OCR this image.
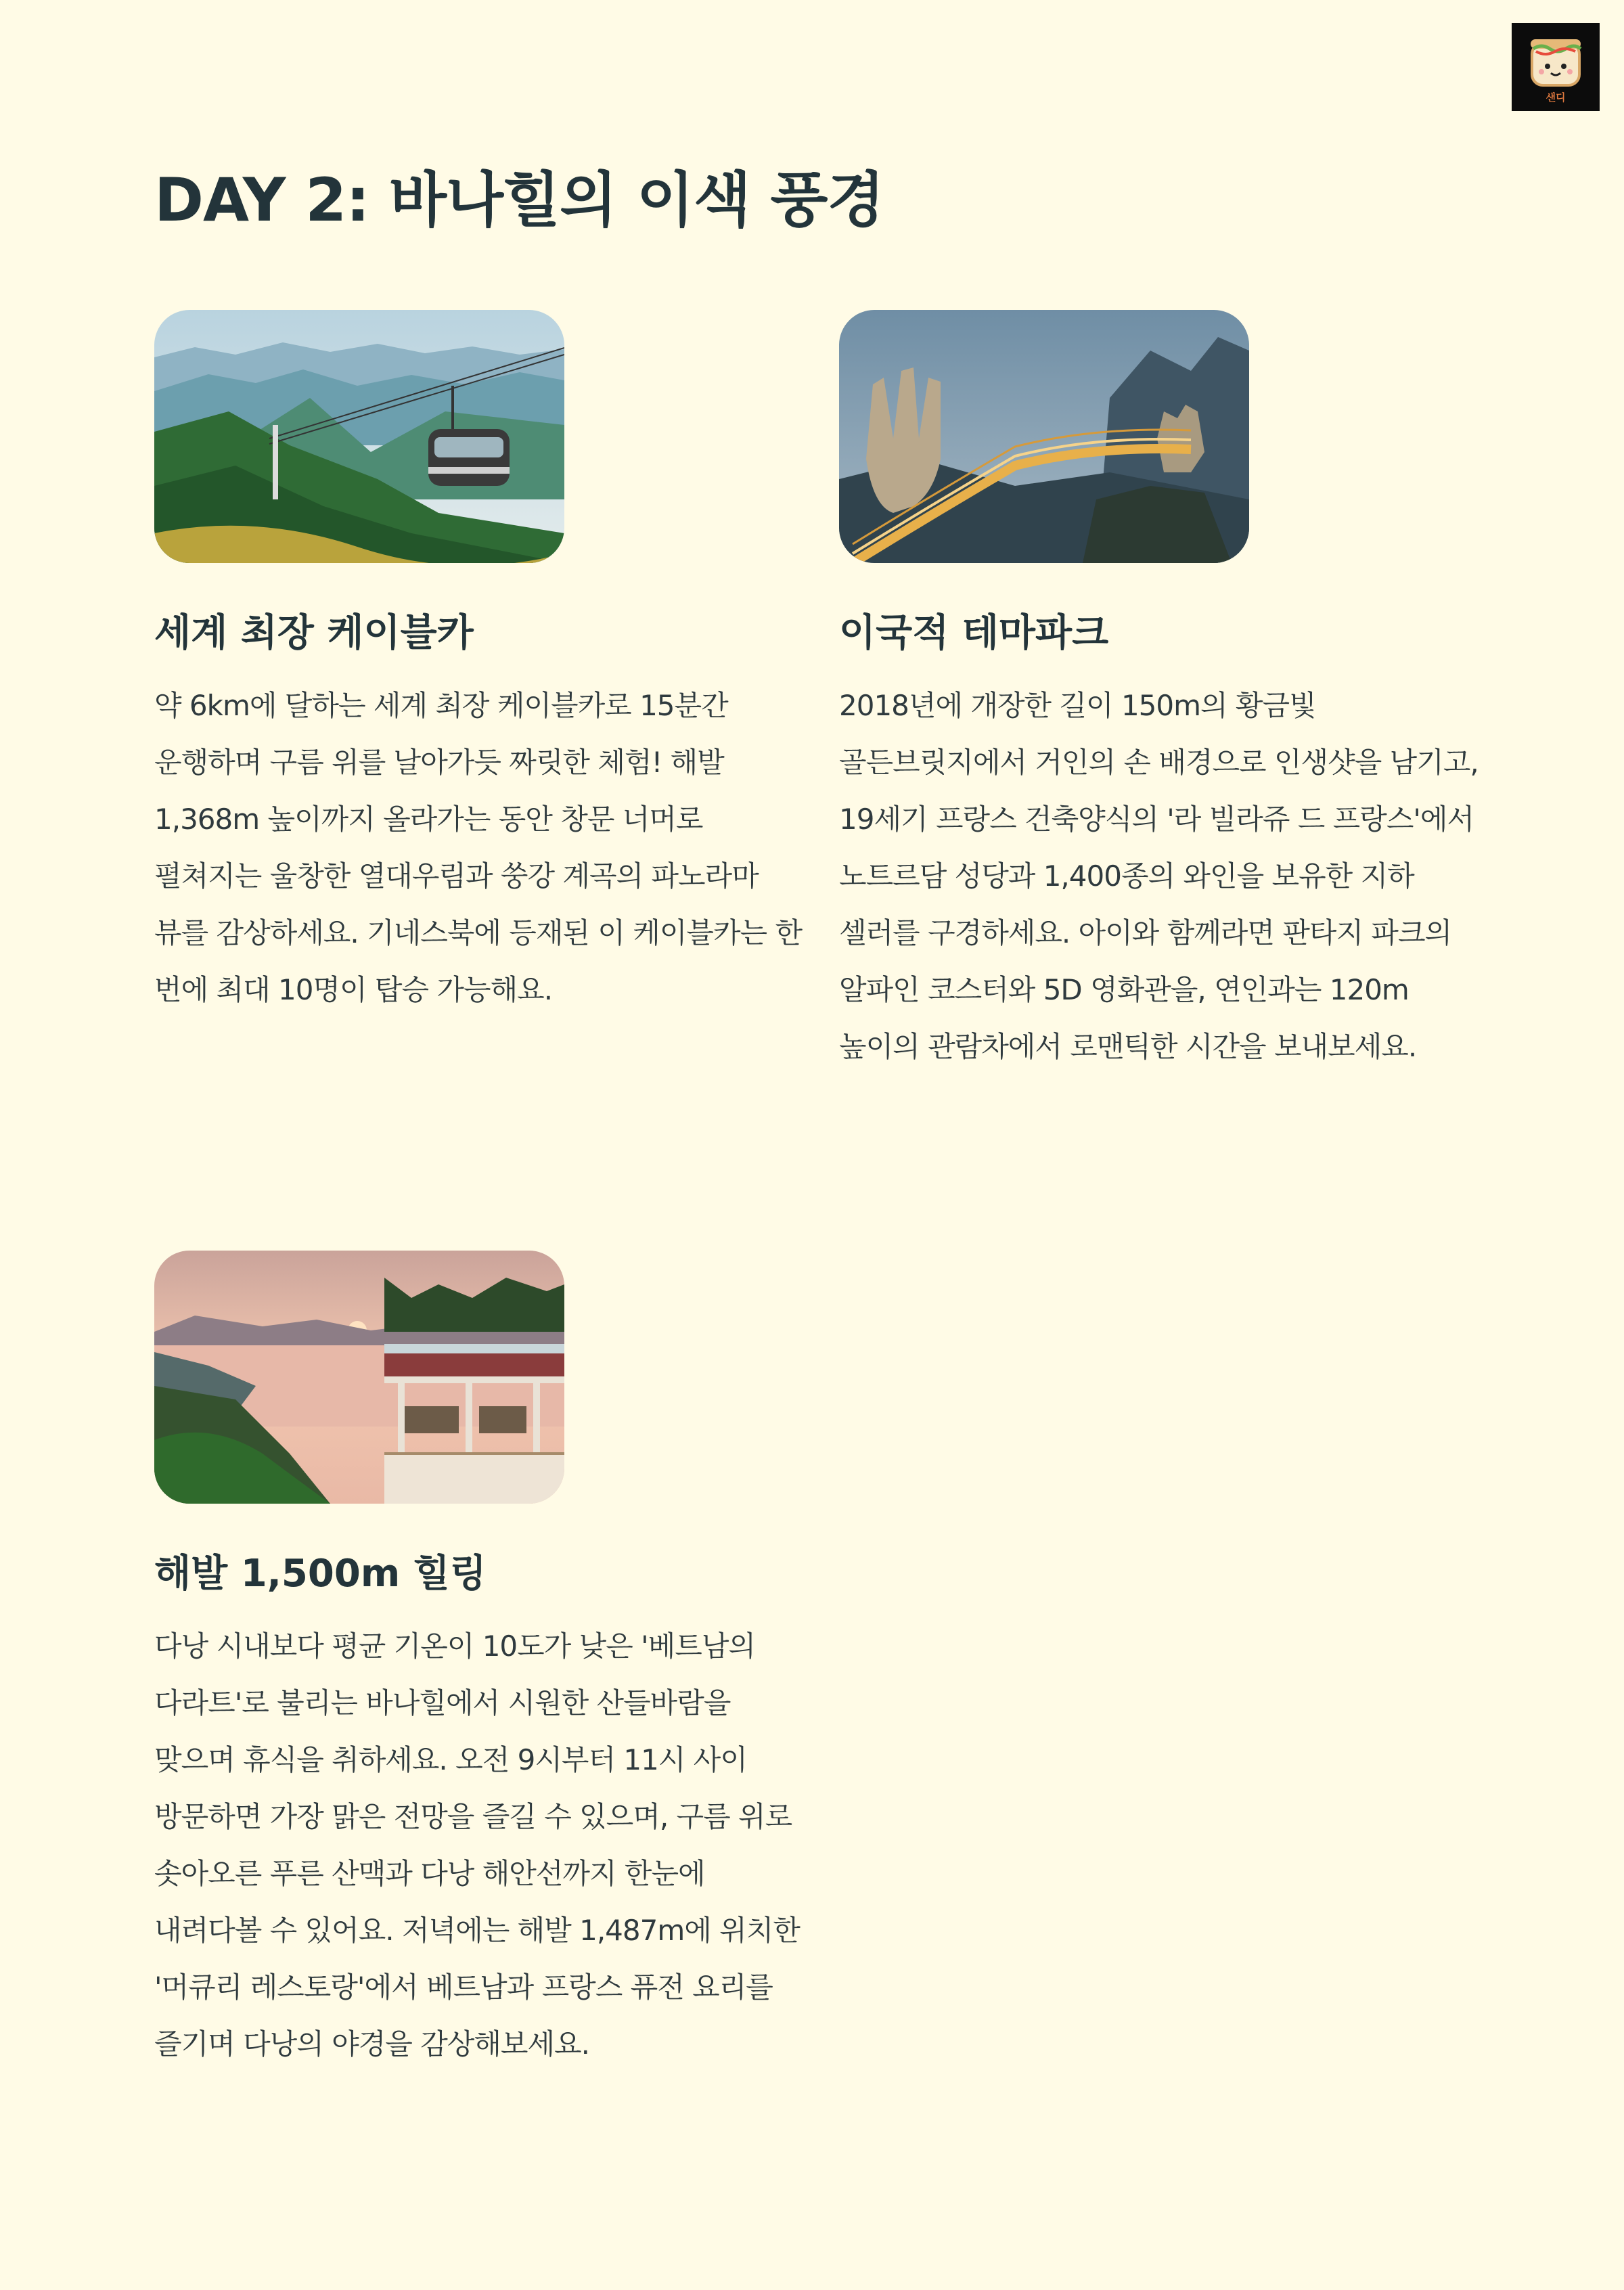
샌디
DAY 2: 바나힐의 이색 풍경
세계 최장 케이블카

약 6km에 달하는 세계 최장 케이블카로 15분간 운행하며 구름 위를 날아가듯 짜릿한 체험! 해발 1,368m 높이까지 올라가는 동안 창문 너머로 펼쳐지는 울창한 열대우림과 쑹강 계곡의 파노라마 뷰를 감상하세요. 기네스북에 등재된 이 케이블카는 한 번에 최대 10명이 탑승 가능해요.

이국적 테마파크

2018년에 개장한 길이 150m의 황금빛 골든브릿지에서 거인의 손 배경으로 인생샷을 남기고, 19세기 프랑스 건축양식의 '라 빌라쥬 드 프랑스'에서 노트르담 성당과 1,400종의 와인을 보유한 지하 셀러를 구경하세요. 아이와 함께라면 판타지 파크의 알파인 코스터와 5D 영화관을, 연인과는 120m 높이의 관람차에서 로맨틱한 시간을 보내보세요.

해발 1,500m 힐링

다낭 시내보다 평균 기온이 10도가 낮은 '베트남의 다라트'로 불리는 바나힐에서 시원한 산들바람을 맞으며 휴식을 취하세요. 오전 9시부터 11시 사이 방문하면 가장 맑은 전망을 즐길 수 있으며, 구름 위로 솟아오른 푸른 산맥과 다낭 해안선까지 한눈에 내려다볼 수 있어요. 저녁에는 해발 1,487m에 위치한 '머큐리 레스토랑'에서 베트남과 프랑스 퓨전 요리를 즐기며 다낭의 야경을 감상해보세요.
